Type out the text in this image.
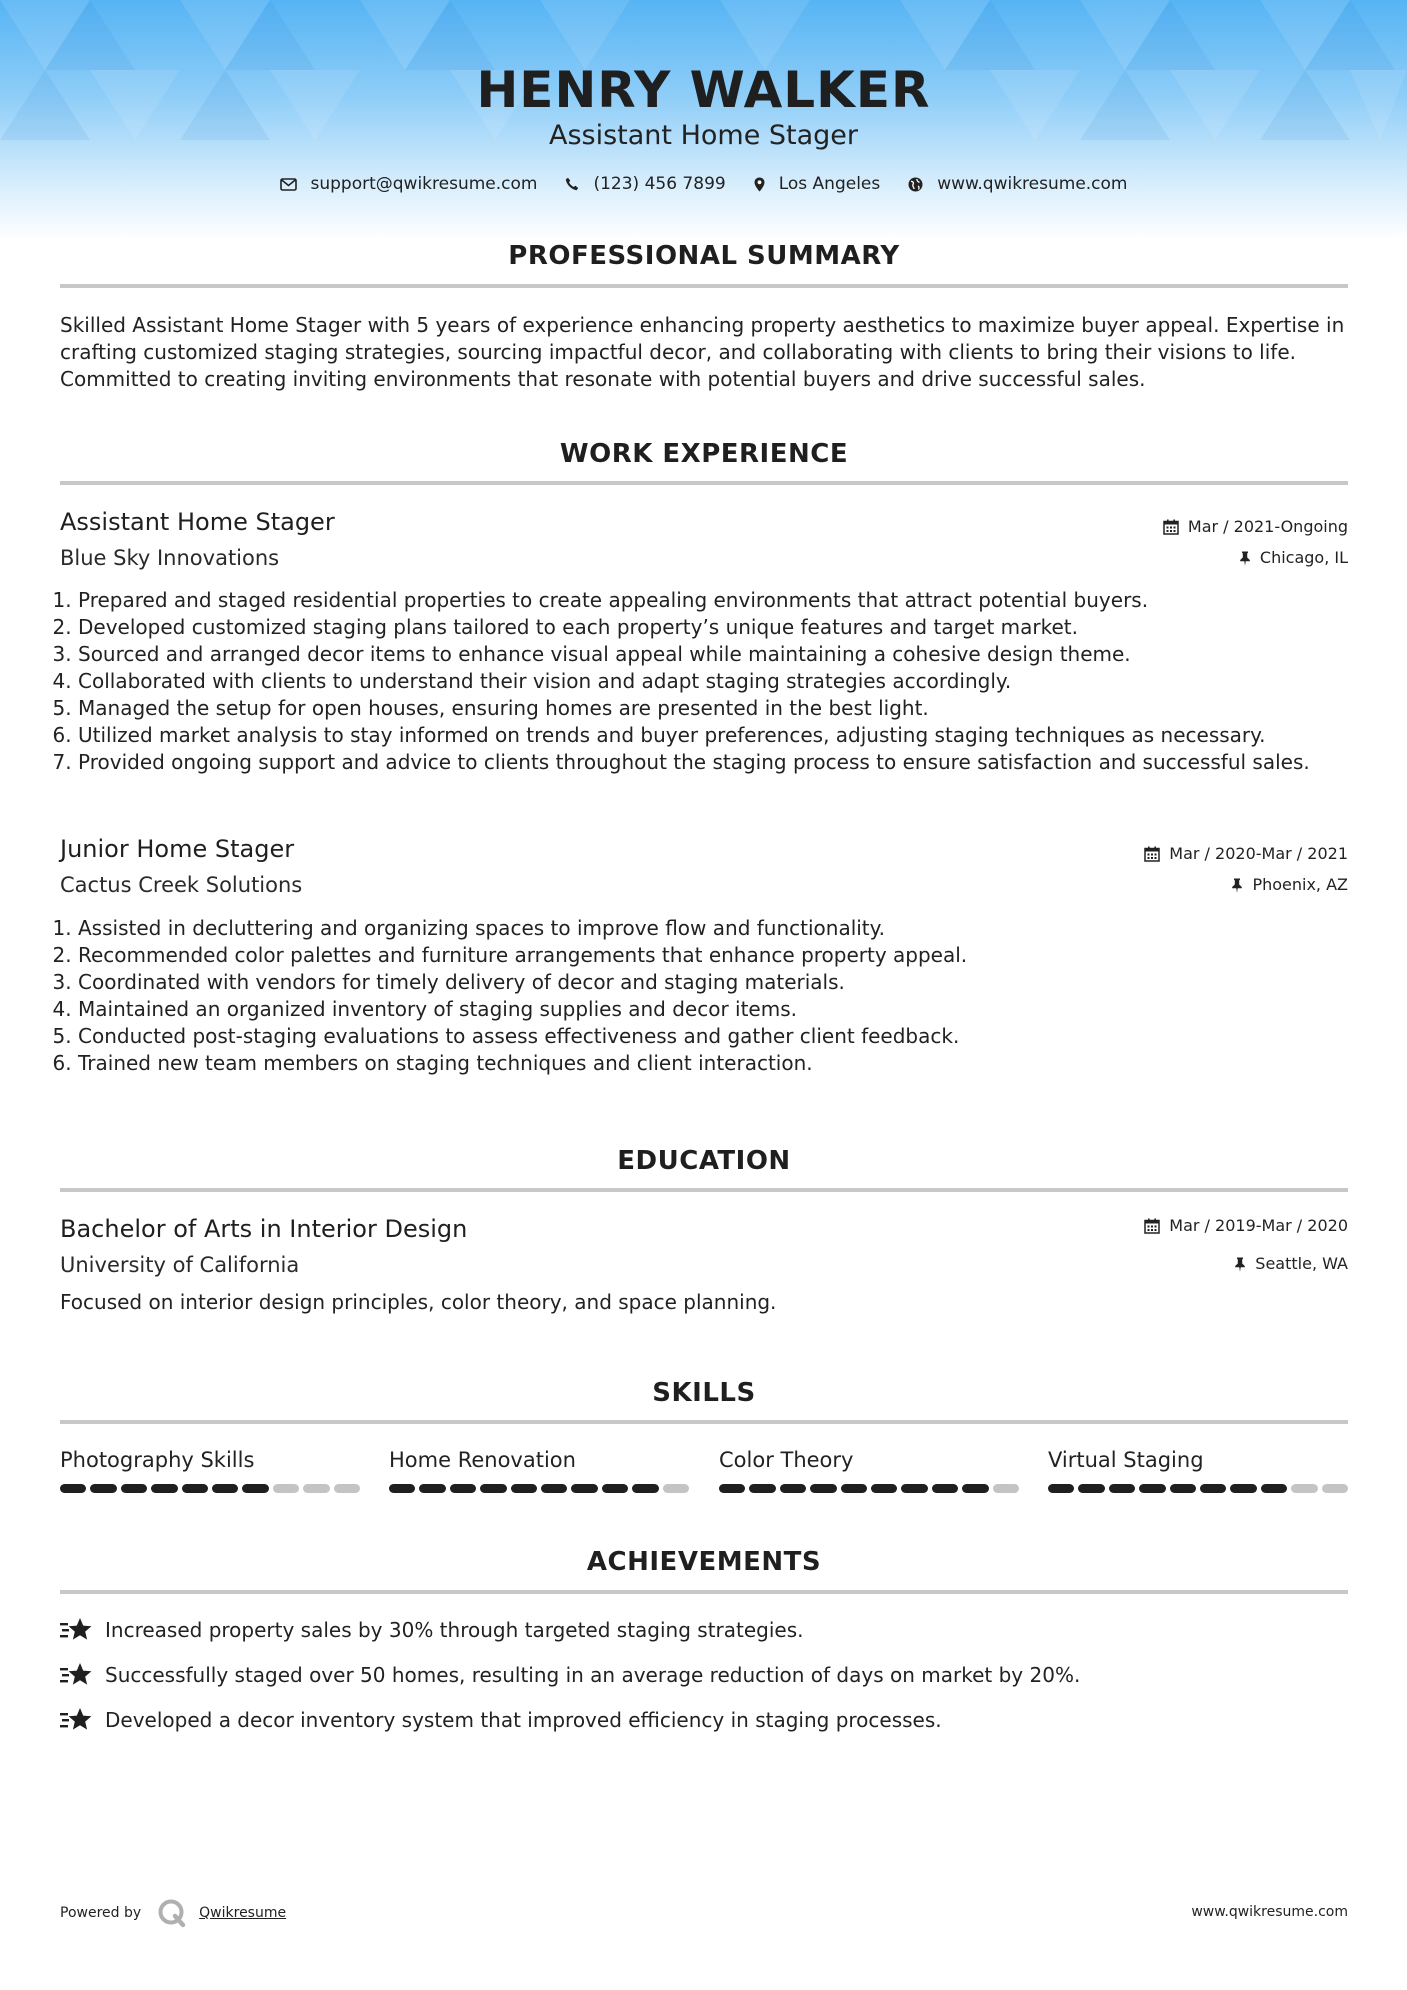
HENRY WALKER
Assistant Home Stager
support@qwikresume.com	(123) 456 7899	Los Angeles	www.qwikresume.com
PROFESSIONAL SUMMARY
Skilled Assistant Home Stager with 5 years of experience enhancing property aesthetics to maximize buyer appeal. Expertise in crafting customized staging strategies, sourcing impactful decor, and collaborating with clients to bring their visions to life. Committed to creating inviting environments that resonate with potential buyers and drive successful sales.
WORK EXPERIENCE
Assistant Home Stager	Mar / 2021-Ongoing
Blue Sky Innovations	Chicago, IL
1. Prepared and staged residential properties to create appealing environments that attract potential buyers.
2. Developed customized staging plans tailored to each property’s unique features and target market.
3. Sourced and arranged decor items to enhance visual appeal while maintaining a cohesive design theme.
4. Collaborated with clients to understand their vision and adapt staging strategies accordingly.
5. Managed the setup for open houses, ensuring homes are presented in the best light.
6. Utilized market analysis to stay informed on trends and buyer preferences, adjusting staging techniques as necessary.
7. Provided ongoing support and advice to clients throughout the staging process to ensure satisfaction and successful sales.
Junior Home Stager	Mar / 2020-Mar / 2021
Cactus Creek Solutions	Phoenix, AZ
1. Assisted in decluttering and organizing spaces to improve flow and functionality.
2. Recommended color palettes and furniture arrangements that enhance property appeal.
3. Coordinated with vendors for timely delivery of decor and staging materials.
4. Maintained an organized inventory of staging supplies and decor items.
5. Conducted post-staging evaluations to assess effectiveness and gather client feedback.
6. Trained new team members on staging techniques and client interaction.
EDUCATION
Bachelor of Arts in Interior Design	Mar / 2019-Mar / 2020
University of California	Seattle, WA
Focused on interior design principles, color theory, and space planning.
SKILLS
Photography Skills	Home Renovation	Color Theory	Virtual Staging
ACHIEVEMENTS
Increased property sales by 30% through targeted staging strategies.
Successfully staged over 50 homes, resulting in an average reduction of days on market by 20%.
Developed a decor inventory system that improved efficiency in staging processes.
Powered by	Qwikresume	www.qwikresume.com
